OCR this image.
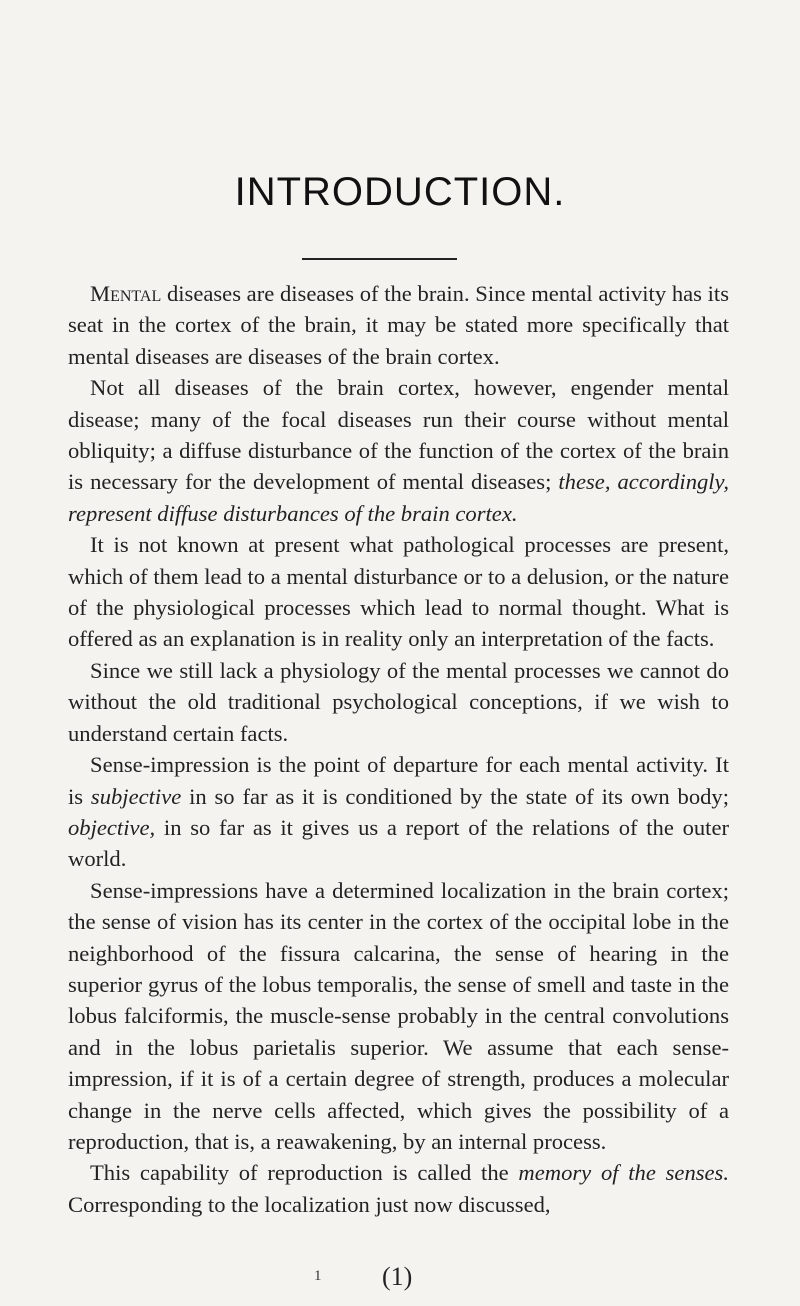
INTRODUCTION.

Mental diseases are diseases of the brain. Since mental activity has its seat in the cortex of the brain, it may be stated more specifically that mental diseases are diseases of the brain cortex.

Not all diseases of the brain cortex, however, engender mental disease; many of the focal diseases run their course without mental obliquity; a diffuse disturbance of the function of the cortex of the brain is necessary for the development of mental diseases; these, accordingly, represent diffuse disturbances of the brain cortex.

It is not known at present what pathological processes are present, which of them lead to a mental disturbance or to a delusion, or the nature of the physiological processes which lead to normal thought. What is offered as an explanation is in reality only an interpretation of the facts.

Since we still lack a physiology of the mental processes we cannot do without the old traditional psychological conceptions, if we wish to understand certain facts.

Sense-impression is the point of departure for each mental activity. It is subjective in so far as it is conditioned by the state of its own body; objective, in so far as it gives us a report of the relations of the outer world.

Sense-impressions have a determined localization in the brain cortex; the sense of vision has its center in the cortex of the occipital lobe in the neighborhood of the fissura calcarina, the sense of hearing in the superior gyrus of the lobus temporalis, the sense of smell and taste in the lobus falciformis, the muscle-sense probably in the central convolutions and in the lobus parietalis superior. We assume that each sense-impression, if it is of a certain degree of strength, produces a molecular change in the nerve cells affected, which gives the possibility of a reproduction, that is, a reawakening, by an internal process.

This capability of reproduction is called the memory of the senses. Corresponding to the localization just now discussed,

1 (1)
